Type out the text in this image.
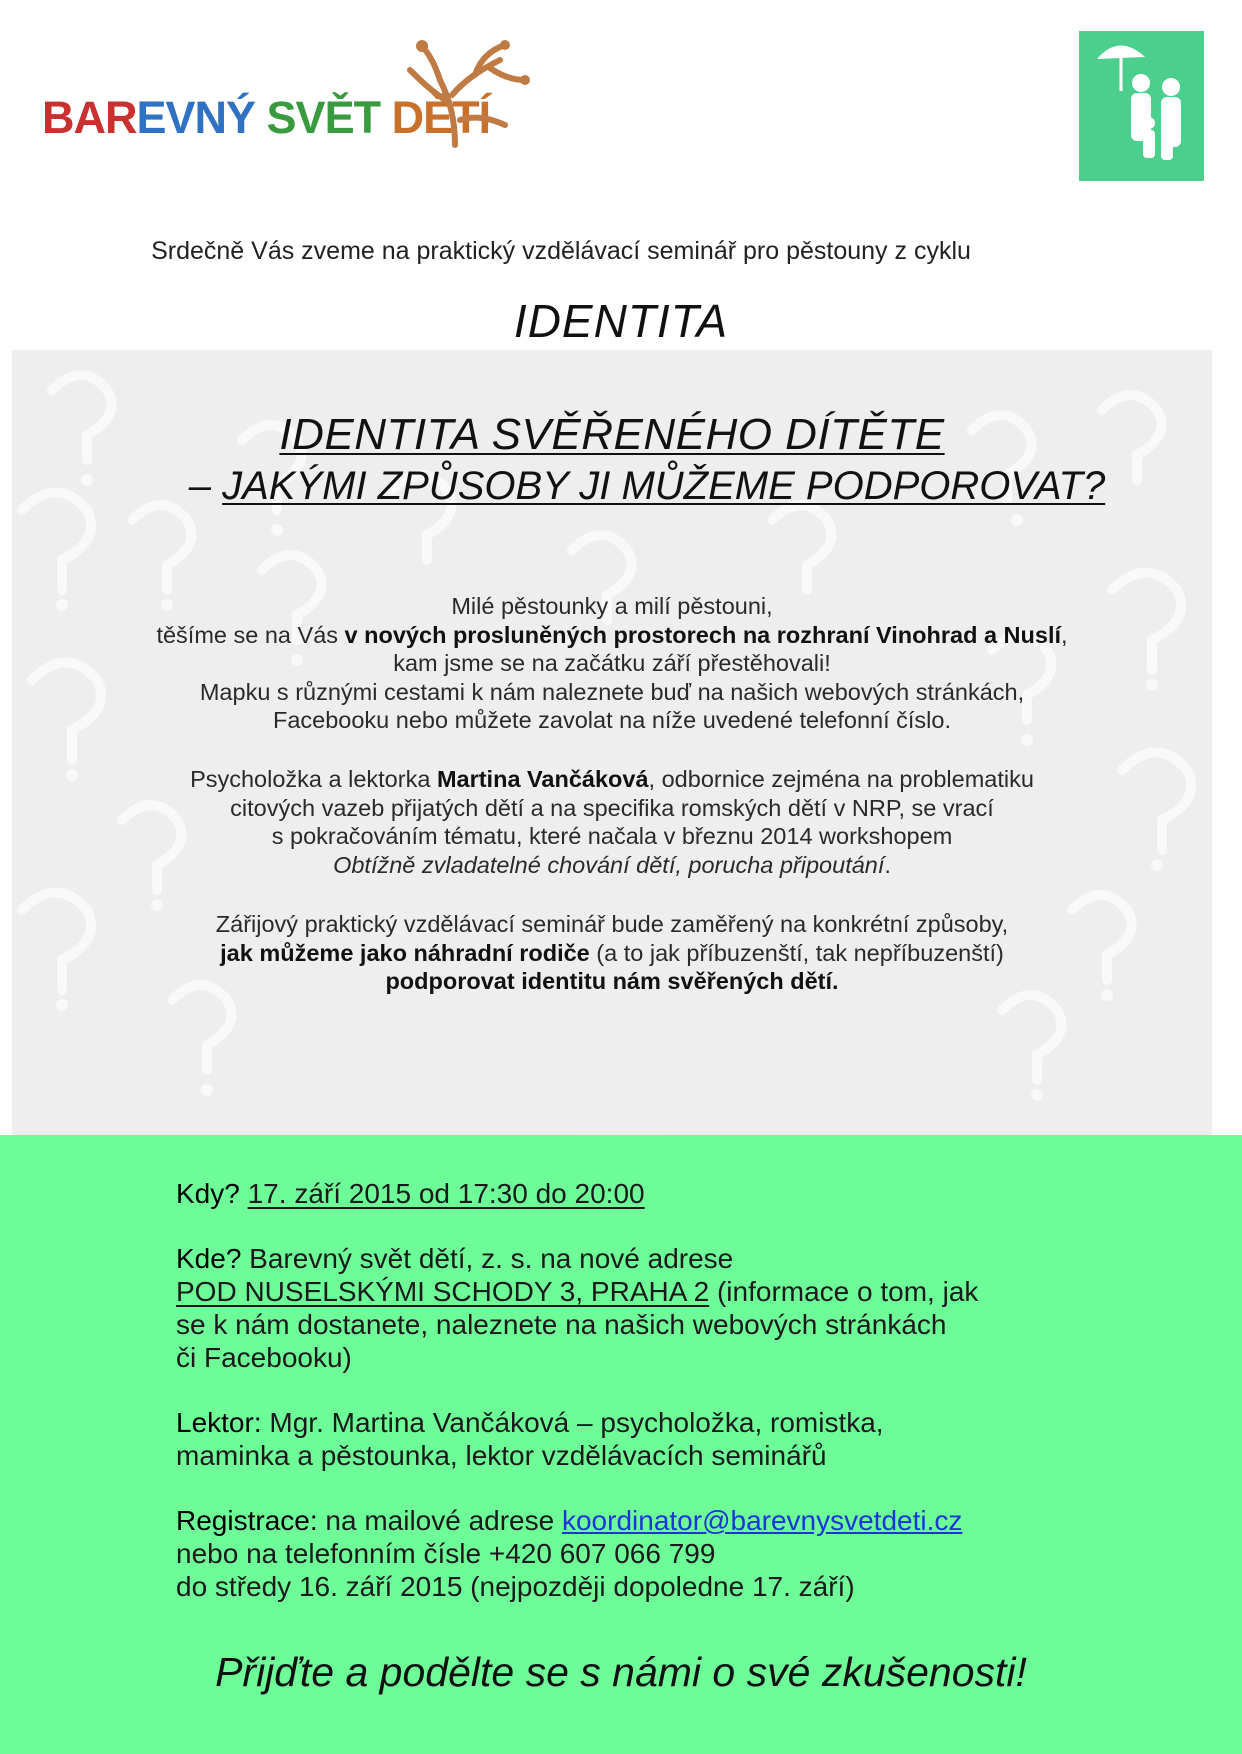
BAREVNÝ SVĚT DĚTÍ
Srdečně Vás zveme na praktický vzdělávací seminář pro pěstouny z cyklu
IDENTITA
IDENTITA SVĚŘENÉHO DÍTĚTE
– JAKÝMI ZPŮSOBY JI MŮŽEME PODPOROVAT?
Milé pěstounky a milí pěstouni,
těšíme se na Vás v nových prosluněných prostorech na rozhraní Vinohrad a Nuslí,
kam jsme se na začátku září přestěhovali!
Mapku s různými cestami k nám naleznete buď na našich webových stránkách,
Facebooku nebo můžete zavolat na níže uvedené telefonní číslo.
Psycholožka a lektorka Martina Vančáková, odbornice zejména na problematiku
citových vazeb přijatých dětí a na specifika romských dětí v NRP, se vrací
s pokračováním tématu, které načala v březnu 2014 workshopem
Obtížně zvladatelné chování dětí, porucha připoutání.
Zářijový praktický vzdělávací seminář bude zaměřený na konkrétní způsoby,
jak můžeme jako náhradní rodiče (a to jak příbuzenští, tak nepříbuzenští)
podporovat identitu nám svěřených dětí.
Kdy? 17. září 2015 od 17:30 do 20:00
Kde? Barevný svět dětí, z. s. na nové adrese
POD NUSELSKÝMI SCHODY 3, PRAHA 2 (informace o tom, jak
se k nám dostanete, naleznete na našich webových stránkách
či Facebooku)
Lektor: Mgr. Martina Vančáková – psycholožka, romistka,
maminka a pěstounka, lektor vzdělávacích seminářů
Registrace: na mailové adrese koordinator@barevnysvetdeti.cz
nebo na telefonním čísle +420 607 066 799
do středy 16. září 2015 (nejpozději dopoledne 17. září)
Přijďte a podělte se s námi o své zkušenosti!
